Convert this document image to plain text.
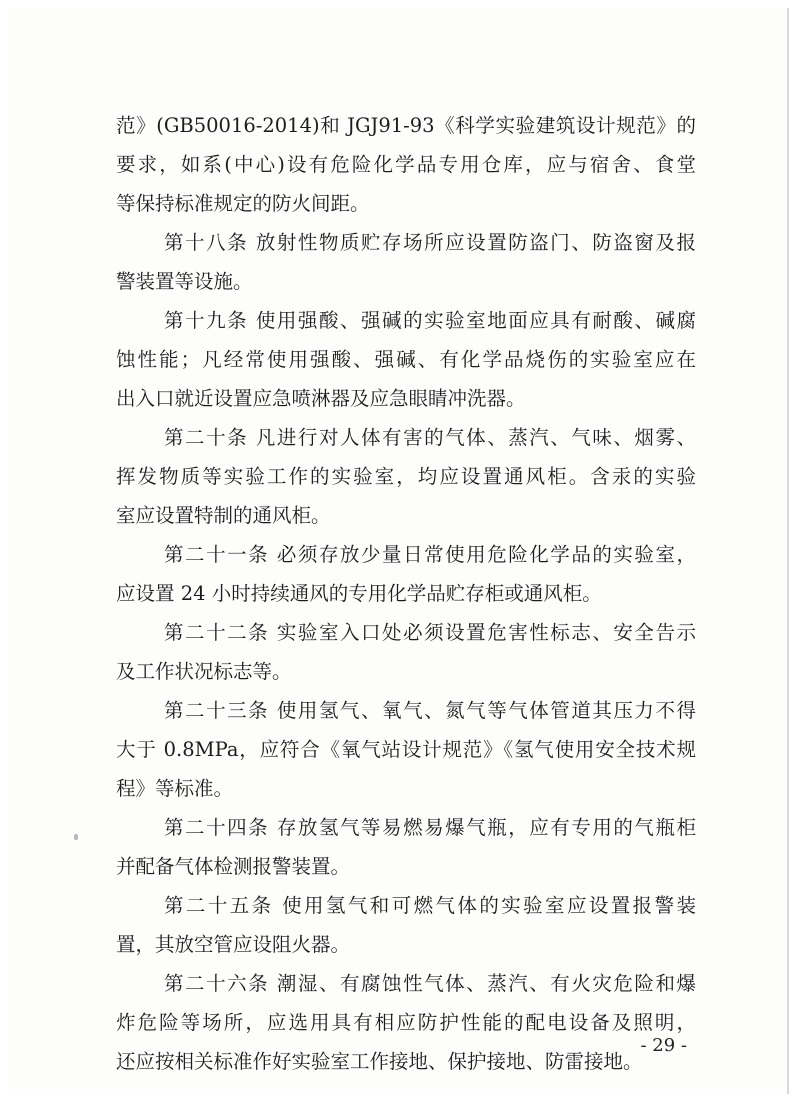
范》(GB50016-2014)和 JGJ91-93《科学实验建筑设计规范》的
要求，如系(中心)设有危险化学品专用仓库，应与宿舍、食堂
等保持标准规定的防火间距。

第十八条 放射性物质贮存场所应设置防盗门、防盗窗及报
警装置等设施。

第十九条 使用强酸、强碱的实验室地面应具有耐酸、碱腐
蚀性能；凡经常使用强酸、强碱、有化学品烧伤的实验室应在
出入口就近设置应急喷淋器及应急眼睛冲洗器。

第二十条 凡进行对人体有害的气体、蒸汽、气味、烟雾、
挥发物质等实验工作的实验室，均应设置通风柜。含汞的实验
室应设置特制的通风柜。

第二十一条 必须存放少量日常使用危险化学品的实验室，
应设置 24 小时持续通风的专用化学品贮存柜或通风柜。

第二十二条 实验室入口处必须设置危害性标志、安全告示
及工作状况标志等。

第二十三条 使用氢气、氧气、氮气等气体管道其压力不得
大于 0.8MPa，应符合《氧气站设计规范》《氢气使用安全技术规
程》等标准。

第二十四条 存放氢气等易燃易爆气瓶，应有专用的气瓶柜
并配备气体检测报警装置。

第二十五条 使用氢气和可燃气体的实验室应设置报警装
置，其放空管应设阻火器。

第二十六条 潮湿、有腐蚀性气体、蒸汽、有火灾危险和爆
炸危险等场所，应选用具有相应防护性能的配电设备及照明，
还应按相关标准作好实验室工作接地、保护接地、防雷接地。

- 29 -
